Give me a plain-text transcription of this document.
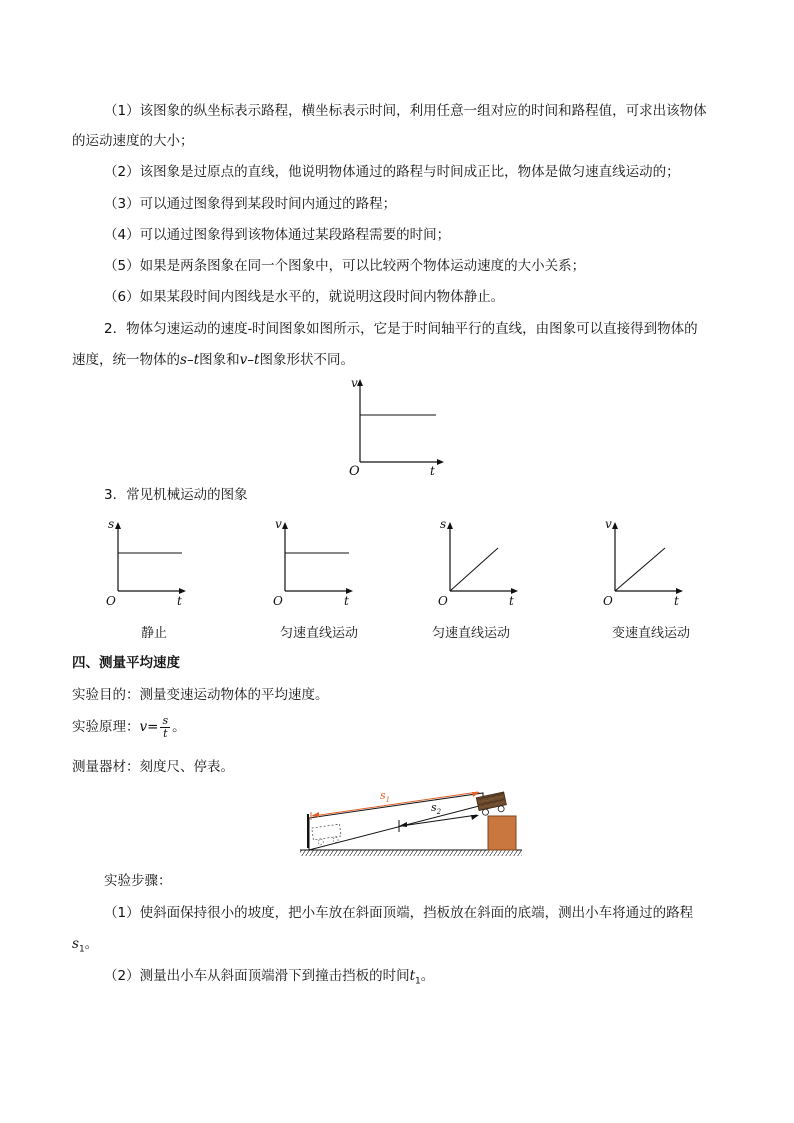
（1）该图象的纵坐标表示路程，横坐标表示时间，利用任意一组对应的时间和路程值，可求出该物体
的运动速度的大小；
（2）该图象是过原点的直线，他说明物体通过的路程与时间成正比，物体是做匀速直线运动的；
（3）可以通过图象得到某段时间内通过的路程；
（4）可以通过图象得到该物体通过某段路程需要的时间；
（5）如果是两条图象在同一个图象中，可以比较两个物体运动速度的大小关系；
（6）如果某段时间内图线是水平的，就说明这段时间内物体静止。
2．物体匀速运动的速度-时间图象如图所示，它是于时间轴平行的直线，由图象可以直接得到物体的
速度，统一物体的s–t图象和v–t图象形状不同。
v
t
O
3．常见机械运动的图象
s
t
O
静止
v
t
O
匀速直线运动
s
t
O
匀速直线运动
v
t
O
变速直线运动
四、测量平均速度
实验目的：测量变速运动物体的平均速度。
实验原理：$v= \frac{s}{t}$ 。
测量器材：刻度尺、停表。
$s_1$
$s_2$
实验步骤：
（1）使斜面保持很小的坡度，把小车放在斜面顶端，挡板放在斜面的底端，测出小车将通过的路程
$s_1$。
（2）测量出小车从斜面顶端滑下到撞击挡板的时间$t_1$。
